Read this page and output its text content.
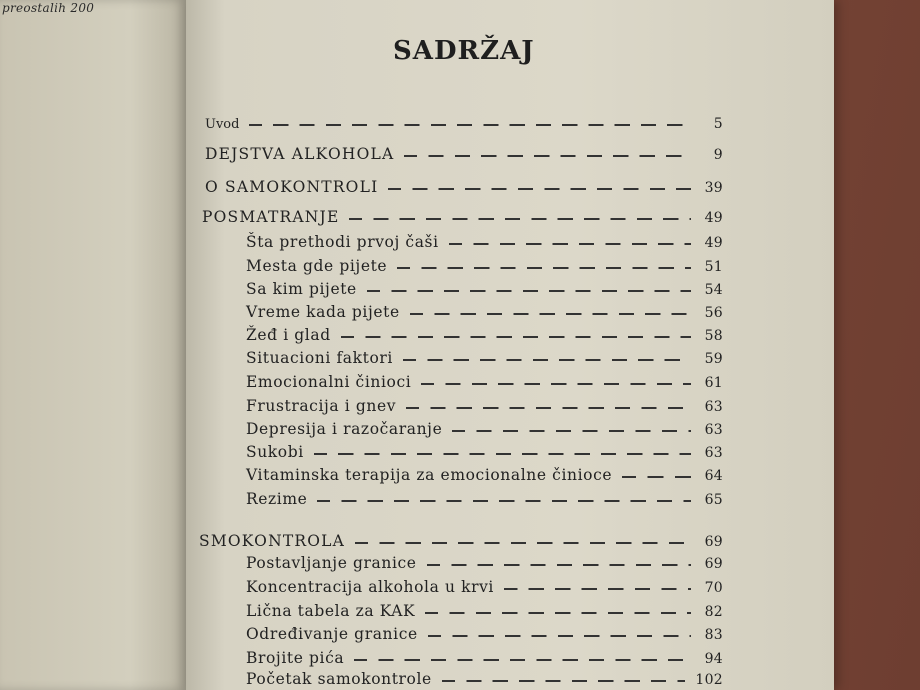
preostalih 200
SADRŽAJ
Uvod	5
DEJSTVA ALKOHOLA	9
O SAMOKONTROLI	39
POSMATRANJE	49
Šta prethodi prvoj čaši	49
Mesta gde pijete	51
Sa kim pijete	54
Vreme kada pijete	56
Žeđ i glad	58
Situacioni faktori	59
Emocionalni činioci	61
Frustracija i gnev	63
Depresija i razočaranje	63
Sukobi	63
Vitaminska terapija za emocionalne činioce	64
Rezime	65
SMOKONTROLA	69
Postavljanje granice	69
Koncentracija alkohola u krvi	70
Lična tabela za KAK	82
Određivanje granice	83
Brojite pića	94
Početak samokontrole	102
